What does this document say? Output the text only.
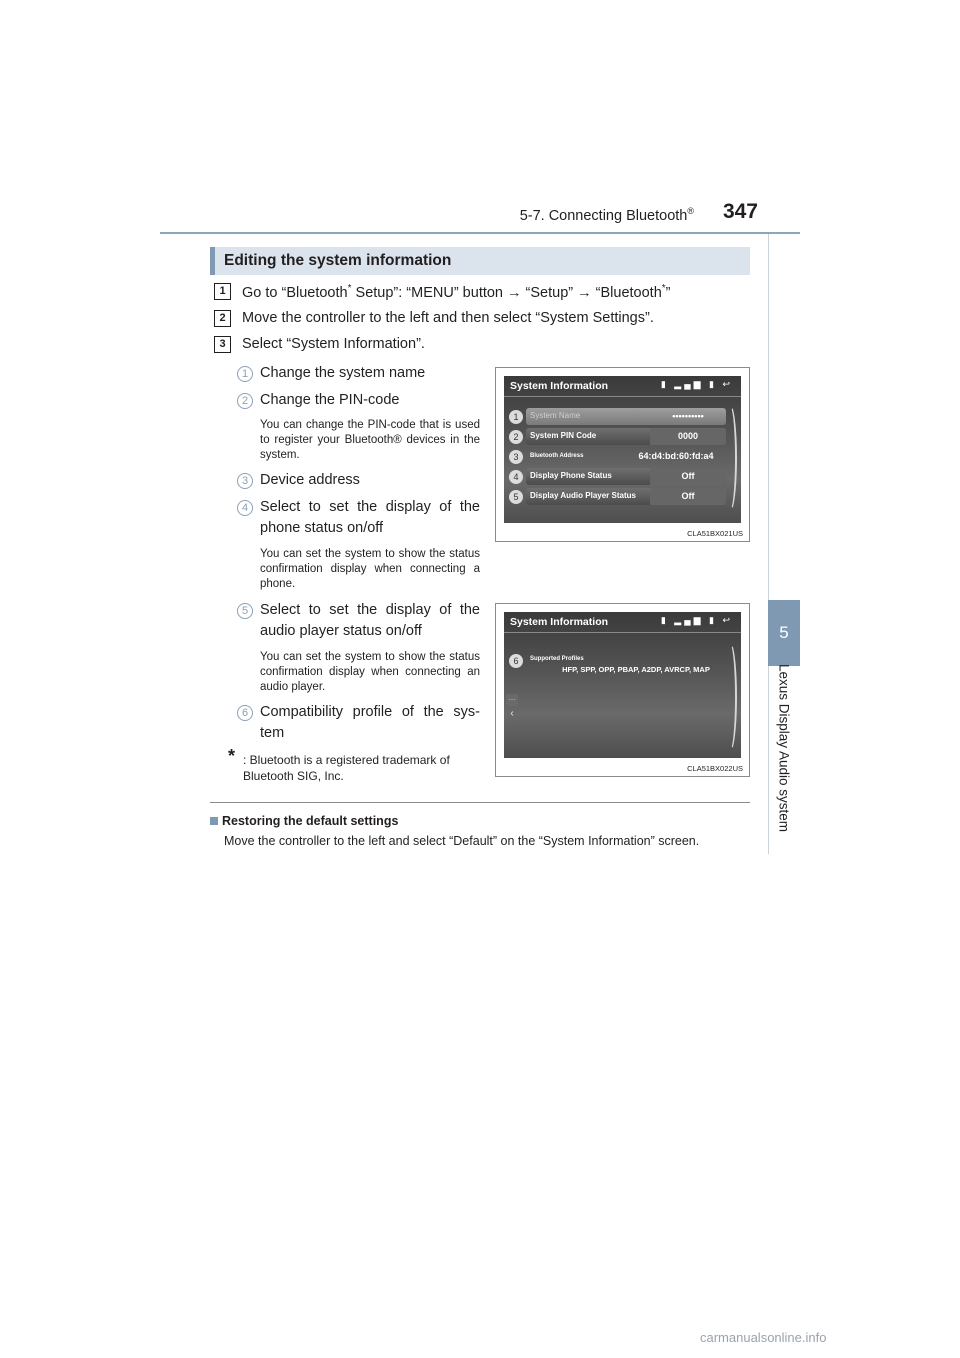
5-7. Connecting Bluetooth® 347
5
Lexus Display Audio system
Editing the system information
1	Go to “Bluetooth* Setup”: “MENU” button → “Setup” → “Bluetooth*”
2	Move the controller to the left and then select “System Settings”.
3	Select “System Information”.
1 Change the system name
2 Change the PIN-code
You can change the PIN-code that is used to register your Bluetooth® devices in the system.
3 Device address
4 Select to set the display of the phone status on/off
You can set the system to show the status confirmation display when connecting a phone.
5 Select to set the display of the audio player status on/off
You can set the system to show the status confirmation display when connecting an audio player.
6 Compatibility profile of the sys-tem
* : Bluetooth is a registered trademark of
Bluetooth SIG, Inc.
System Information	▮ ▂▄▆ ▮ ↩
1	System Name	••••••••••
2	System PIN Code	0000
3	Bluetooth Address	64:d4:bd:60:fd:a4
4	Display Phone Status	Off
5	Display Audio Player Status	Off
CLA51BX021US
System Information	▮ ▂▄▆ ▮ ↩
6	Supported Profiles
HFP, SPP, OPP, PBAP, A2DP, AVRCP, MAP
…
‹
CLA51BX022US
Restoring the default settings
Move the controller to the left and select “Default” on the “System Information” screen.
carmanualsonline.info
